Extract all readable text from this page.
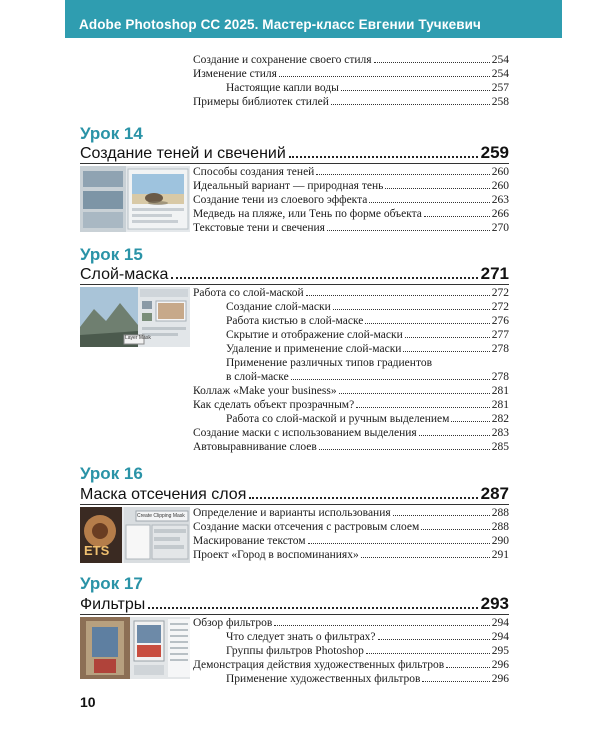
Adobe Photoshop CC 2025. Мастер-класс Евгении Тучкевич
Создание и сохранение своего стиля	254
Изменение стиля	254
Настоящие капли воды	257
Примеры библиотек стилей	258
Урок 14
Создание теней и свечений	259
Способы создания теней	260
Идеальный вариант — природная тень	260
Создание тени из слоевого эффекта	263
Медведь на пляже, или Тень по форме объекта	266
Текстовые тени и свечения	270
Урок 15
Слой-маска	271
Layer Mask
Работа со слой-маской	272
Создание слой-маски	272
Работа кистью в слой-маске	276
Скрытие и отображение слой-маски	277
Удаление и применение слой-маски	278
Применение различных типов градиентов
в слой-маске	278
Коллаж «Make your business»	281
Как сделать объект прозрачным?	281
Работа со слой-маской и ручным выделением	282
Создание маски с использованием выделения	283
Автовыравнивание слоев	285
Урок 16
Маска отсечения слоя	287
Create Clipping Mask
ETS
Определение и варианты использования	288
Создание маски отсечения с растровым слоем	288
Маскирование текстом	290
Проект «Город в воспоминаниях»	291
Урок 17
Фильтры	293
Обзор фильтров	294
Что следует знать о фильтрах?	294
Группы фильтров Photoshop	295
Демонстрация действия художественных фильтров	296
Применение художественных фильтров	296
10
